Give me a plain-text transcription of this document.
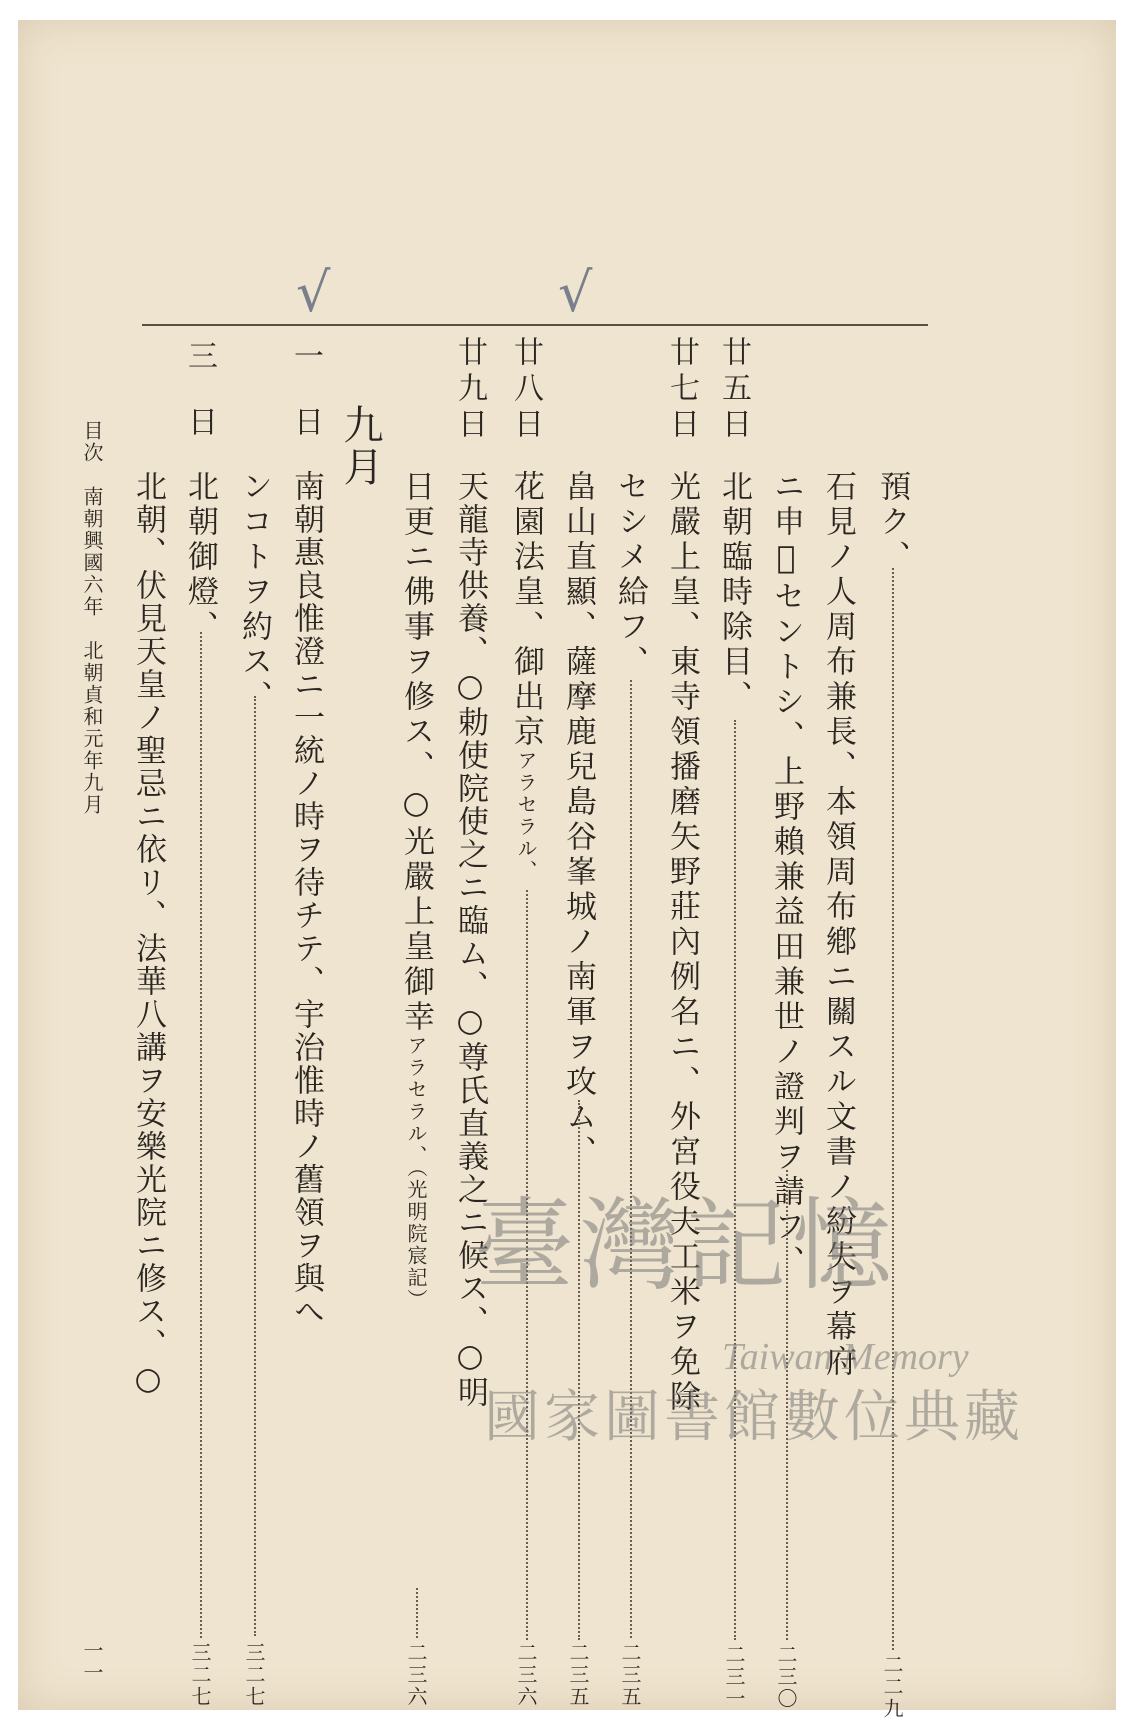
√	√
預ク、
二二九
石見ノ人周布兼長、本領周布鄕ニ關スル文書ノ紛失ヲ幕府
ニ申𢈍セントシ、上野賴兼益田兼世ノ證判ヲ請フ、
二三〇
廿五日
北朝臨時除目、
二三一
廿七日
光嚴上皇、東寺領播磨矢野莊內例名ニ、外宮役夫工米ヲ免除
セシメ給フ、
二三五
畠山直顯、薩摩鹿兒島谷峯城ノ南軍ヲ攻ム、
二三五
廿八日
花園法皇、御出京アラセラル、
二三六
廿九日
天龍寺供養、○勅使院使之ニ臨ム、○尊氏直義之ニ候ス、○明
日更ニ佛事ヲ修ス、○光嚴上皇御幸アラセラル、（光明院宸記）
二三六
九月
一日
南朝惠良惟澄ニ一統ノ時ヲ待チテ、宇治惟時ノ舊領ヲ與へ
ンコトヲ約ス、
三二七
三日
北朝御燈、
三二七
北朝、伏見天皇ノ聖忌ニ依リ、法華八講ヲ安樂光院ニ修ス、○
目次　南朝興國六年　北朝貞和元年九月
一一
臺灣記憶
Taiwan Memory
國家圖書館數位典藏
